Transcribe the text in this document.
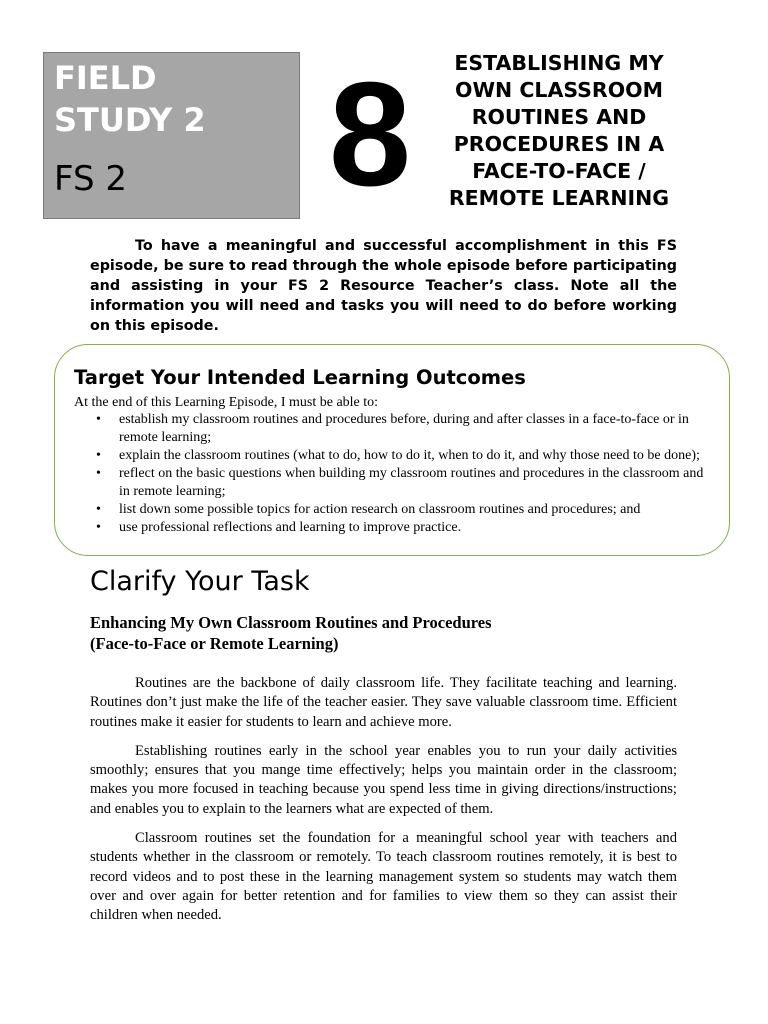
FIELD
STUDY 2
FS 2 8	ESTABLISHING MY
OWN CLASSROOM
ROUTINES AND
PROCEDURES IN A
FACE-TO-FACE /
REMOTE LEARNING

To have a meaningful and successful accomplishment in this FS episode, be sure to read through the whole episode before participating and assisting in your FS 2 Resource Teacher’s class. Note all the information you will need and tasks you will need to do before working on this episode.

Target Your Intended Learning Outcomes
At the end of this Learning Episode, I must be able to:
• establish my classroom routines and procedures before, during and after classes in a face-to-face or in remote learning;
• explain the classroom routines (what to do, how to do it, when to do it, and why those need to be done);
• reflect on the basic questions when building my classroom routines and procedures in the classroom and in remote learning;
• list down some possible topics for action research on classroom routines and procedures; and
• use professional reflections and learning to improve practice.
Clarify Your Task
Enhancing My Own Classroom Routines and Procedures
(Face-to-Face or Remote Learning)

Routines are the backbone of daily classroom life. They facilitate teaching and learning. Routines don’t just make the life of the teacher easier. They save valuable classroom time. Efficient routines make it easier for students to learn and achieve more.

Establishing routines early in the school year enables you to run your daily activities smoothly; ensures that you mange time effectively; helps you maintain order in the classroom; makes you more focused in teaching because you spend less time in giving directions/instructions; and enables you to explain to the learners what are expected of them.

Classroom routines set the foundation for a meaningful school year with teachers and students whether in the classroom or remotely. To teach classroom routines remotely, it is best to record videos and to post these in the learning management system so students may watch them over and over again for better retention and for families to view them so they can assist their children when needed.
